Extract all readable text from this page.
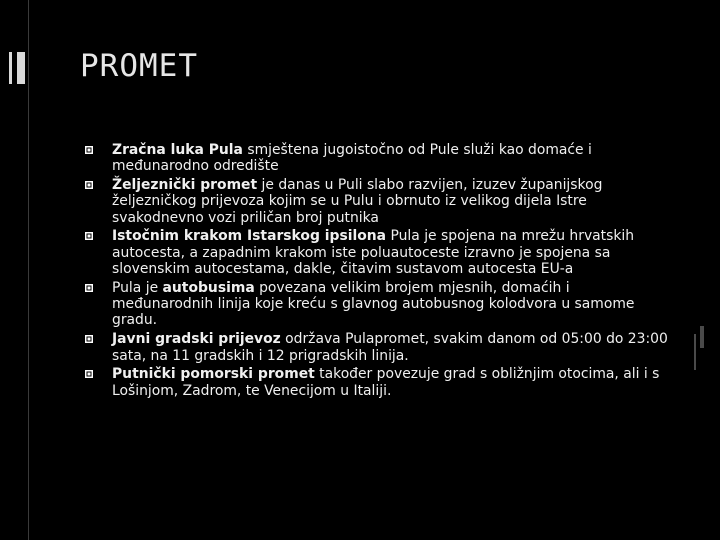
PROMET
Zračna luka Pula smještena jugoistočno od Pule služi kao domaće i međunarodno odredište
Željeznički promet je danas u Puli slabo razvijen, izuzev županijskog željezničkog prijevoza kojim se u Pulu i obrnuto iz velikog dijela Istre svakodnevno vozi priličan broj putnika
Istočnim krakom Istarskog ipsilona Pula je spojena na mrežu hrvatskih autocesta, a zapadnim krakom iste poluautoceste izravno je spojena sa slovenskim autocestama, dakle, čitavim sustavom autocesta EU-a
Pula je autobusima povezana velikim brojem mjesnih, domaćih i međunarodnih linija koje kreću s glavnog autobusnog kolodvora u samome gradu.
Javni gradski prijevoz održava Pulapromet, svakim danom od 05:00 do 23:00 sata, na 11 gradskih i 12 prigradskih linija.
Putnički pomorski promet također povezuje grad s obližnjim otocima, ali i s Lošinjom, Zadrom, te Venecijom u Italiji.
